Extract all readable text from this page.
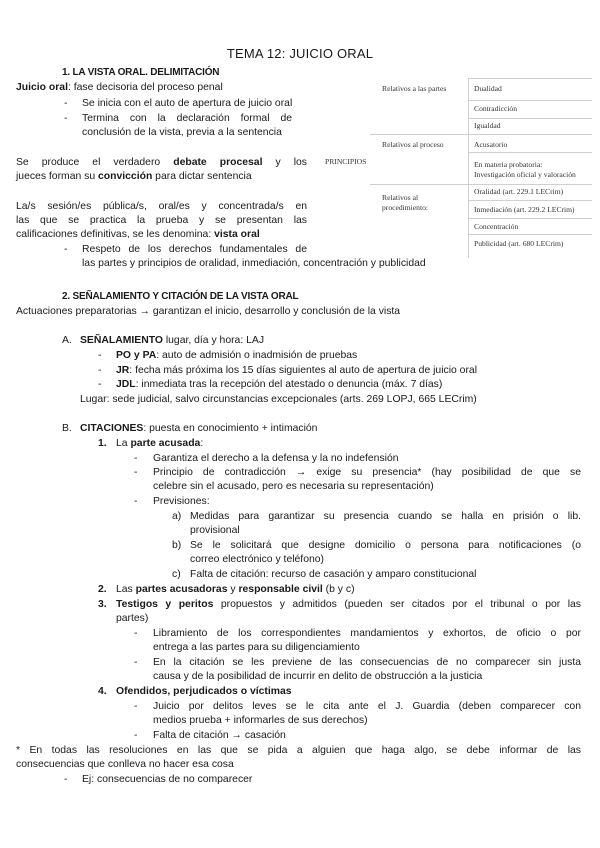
TEMA 12: JUICIO ORAL
1. LA VISTA ORAL. DELIMITACIÓN
Juicio oral: fase decisoria del proceso penal
- Se inicia con el auto de apertura de juicio oral
- Termina con la declaración formal de
conclusión de la vista, previa a la sentencia
Se produce el verdadero debate procesal y los
jueces forman su convicción para dictar sentencia
La/s sesión/es pública/s, oral/es y concentrada/s en
las que se practica la prueba y se presentan las
calificaciones definitivas, se les denomina: vista oral
- Respeto de los derechos fundamentales de
las partes y principios de oralidad, inmediación, concentración y publicidad
PRINCIPIOS
Relativos a las partes	Dualidad
Contradicción
Igualdad
Relativos al proceso	Acusatorio
En materia probatoria:
Investigación oficial y valoración
Relativos al
procedimiento:
Oralidad (art. 229.1 LECrim)
Inmediación (art. 229.2 LECrim)
Concentración
Publicidad (art. 680 LECrim)
2. SEÑALAMIENTO Y CITACIÓN DE LA VISTA ORAL
Actuaciones preparatorias → garantizan el inicio, desarrollo y conclusión de la vista
A. SEÑALAMIENTO lugar, día y hora: LAJ
- PO y PA: auto de admisión o inadmisión de pruebas
- JR: fecha más próxima los 15 días siguientes al auto de apertura de juicio oral
- JDL: inmediata tras la recepción del atestado o denuncia (máx. 7 días)
Lugar: sede judicial, salvo circunstancias excepcionales (arts. 269 LOPJ, 665 LECrim)
B. CITACIONES: puesta en conocimiento + intimación
1. La parte acusada:
- Garantiza el derecho a la defensa y la no indefensión
- Principio de contradicción → exige su presencia* (hay posibilidad de que se
celebre sin el acusado, pero es necesaria su representación)
- Previsiones:
a) Medidas para garantizar su presencia cuando se halla en prisión o lib.
provisional
b) Se le solicitará que designe domicilio o persona para notificaciones (o
correo electrónico y teléfono)
c) Falta de citación: recurso de casación y amparo constitucional
2. Las partes acusadoras y responsable civil (b y c)
3. Testigos y peritos propuestos y admitidos (pueden ser citados por el tribunal o por las
partes)
- Libramiento de los correspondientes mandamientos y exhortos, de oficio o por
entrega a las partes para su diligenciamiento
- En la citación se les previene de las consecuencias de no comparecer sin justa
causa y de la posibilidad de incurrir en delito de obstrucción a la justicia
4. Ofendidos, perjudicados o víctimas
- Juicio por delitos leves se le cita ante el J. Guardia (deben comparecer con
medios prueba + informarles de sus derechos)
- Falta de citación → casación
* En todas las resoluciones en las que se pida a alguien que haga algo, se debe informar de las
consecuencias que conlleva no hacer esa cosa
- Ej: consecuencias de no comparecer
